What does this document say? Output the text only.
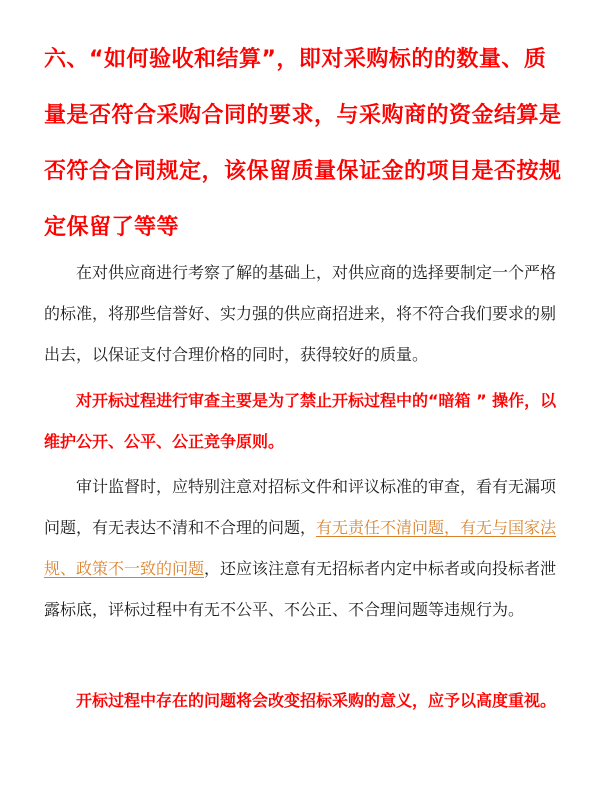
六、“如何验收和结算”，即对采购标的的数量、质量是否符合采购合同的要求，与采购商的资金结算是否符合合同规定，该保留质量保证金的项目是否按规定保留了等等

在对供应商进行考察了解的基础上，对供应商的选择要制定一个严格的标准，将那些信誉好、实力强的供应商招进来，将不符合我们要求的剔出去，以保证支付合理价格的同时，获得较好的质量。

对开标过程进行审查主要是为了禁止开标过程中的“暗箱 ” 操作，以维护公开、公平、公正竞争原则。

审计监督时，应特别注意对招标文件和评议标准的审查，看有无漏项问题，有无表达不清和不合理的问题，有无责任不清问题，有无与国家法规、政策不一致的问题，还应该注意有无招标者内定中标者或向投标者泄露标底，评标过程中有无不公平、不公正、不合理问题等违规行为。

开标过程中存在的问题将会改变招标采购的意义，应予以高度重视。
